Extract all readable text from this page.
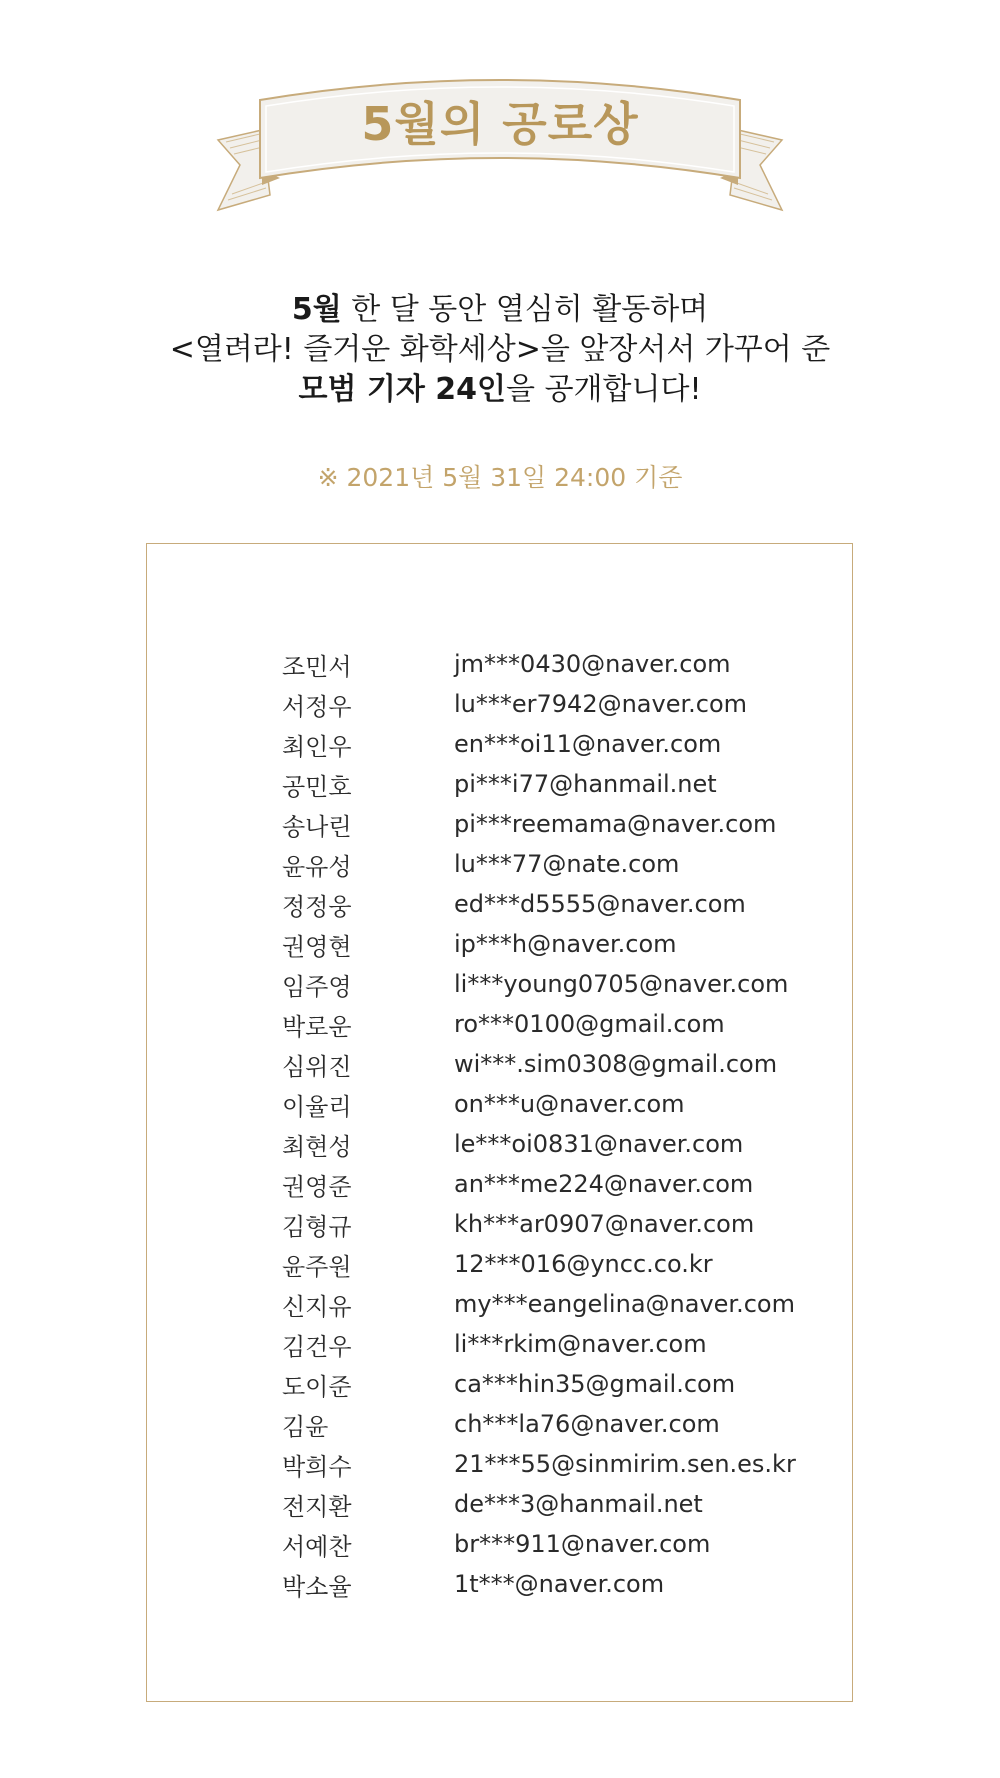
5월의 공로상
5월 한 달 동안 열심히 활동하며
<열려라! 즐거운 화학세상>을 앞장서서 가꾸어 준
모범 기자 24인을 공개합니다!
※ 2021년 5월 31일 24:00 기준
조민서	jm***0430@naver.com
서정우	lu***er7942@naver.com
최인우	en***oi11@naver.com
공민호	pi***i77@hanmail.net
송나린	pi***reemama@naver.com
윤유성	lu***77@nate.com
정정웅	ed***d5555@naver.com
권영현	ip***h@naver.com
임주영	li***young0705@naver.com
박로운	ro***0100@gmail.com
심위진	wi***.sim0308@gmail.com
이율리	on***u@naver.com
최현성	le***oi0831@naver.com
권영준	an***me224@naver.com
김형규	kh***ar0907@naver.com
윤주원	12***016@yncc.co.kr
신지유	my***eangelina@naver.com
김건우	li***rkim@naver.com
도이준	ca***hin35@gmail.com
김윤	ch***la76@naver.com
박희수	21***55@sinmirim.sen.es.kr
전지환	de***3@hanmail.net
서예찬	br***911@naver.com
박소율	1t***@naver.com
